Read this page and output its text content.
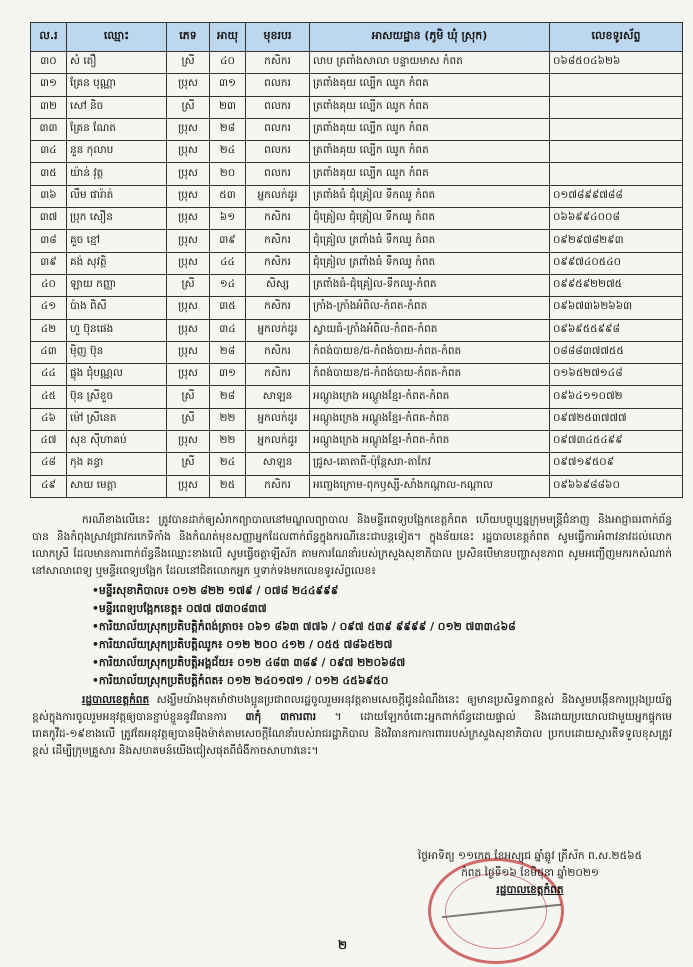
ល.រ	ឈ្មោះ	ភេទ	អាយុ	មុខរបរ	អាសយដ្ឋាន (ភូមិ ឃុំ ស្រុក)	លេខទូរស័ព្ទ
៣០	សំ តឿ	ស្រី	៤០	កសិករ	លាប ត្រពាំងសាលា បន្ទាយមាស កំពត	០៦៨៥០៤៦២៦
៣១	គ្រែន បុណ្ណា	ប្រុស	៣១	ពលករ	ត្រពាំងគុយ ល្បើក ឈូក កំពត	
៣២	សៅ និច	ស្រី	២៣	ពលករ	ត្រពាំងគុយ ល្បើក ឈូក កំពត	
៣៣	គ្រែន ណែត	ប្រុស	២៨	ពលករ	ត្រពាំងគុយ ល្បើក ឈូក កំពត	
៣៤	នួន កុលាប	ប្រុស	២៤	ពលករ	ត្រពាំងគុយ ល្បើក ឈូក កំពត	
៣៥	យ៉ាន់ វុត្ថ	ប្រុស	២០	ពលករ	ត្រពាំងគុយ ល្បើក ឈូក កំពត	
៣៦	លឹម ផារ៉ាត់	ប្រុស	៥៣	អ្នកលក់ដូរ	ត្រពាំងធំ ជុំគ្រៀល ទឹកឈូ កំពត	០១៧៨៩៩៧៨៨
៣៧	ប្រុក សឿន	ប្រុស	៦១	កសិករ	ជុំគ្រៀល ជុំគ្រៀល ទឹកឈូ កំពត	០៦៦៩៩៤០០៨
៣៨	គួច ខ្មៅ	ប្រុស	៣៩	កសិករ	ជុំគ្រៀល ត្រពាំងធំ ទឹកឈូ កំពត	០៩២៩៧៨២៩៣
៣៩	គង់ សុវត្ថិ	ប្រុស	៤៤	កសិករ	ជុំគ្រៀល ត្រពាំងធំ ទឹកឈូ កំពត	០៩៩៧៤០៥៤០
៤០	ឡាយ កញ្ញា	ស្រី	១៤	សិស្ស	ត្រពាំងធំ-ជុំគ្រៀល-ទឹកឈូ-កំពត	០៩៩៥៩២២៧៥
៤១	ប៉ាង ពិសី	ប្រុស	៣៥	កសិករ	ក្រាំង-ក្រាំងអំពិល-កំពត-កំពត	០៩៦៧៣៦២៦៦៣
៤២	ហួ ប៊ុនផេង	ប្រុស	៣៤	អ្នកលក់ដូរ	ស្វាយធំ-ក្រាំងអំពិល-កំពត-កំពត	០៩៦៩៥៥៩៩៨
៤៣	ម៉ិញ ប៊ុន	ប្រុស	២៨	កសិករ	កំពង់បាយខ/ជ-កំពង់បាយ-កំពត-កំពត	០៨៨៨៣៧៧៥៥
៤៤	ផ្លុង ជុំបណ្ណល	ប្រុស	៣១	កសិករ	កំពង់បាយខ/ជ-កំពង់បាយ-កំពត-កំពត	០១៦៥២៧១៤៨
៤៥	ប៊ុន ស្រីខួច	ស្រី	២៨	សាឡន	អណ្តូងក្រេង អណ្តូងខ្មែរ-កំពត-កំពត	០៩៦៤១១០៧២
៤៦	ម៉ៅ ស្រីនេត	ស្រី	២២	អ្នកលក់ដូរ	អណ្តូងក្រេង អណ្តូងខ្មែរ-កំពត-កំពត	០៩៧២៥៣៧៧៧
៤៧	សុខ ស៊ីហាគប់	ប្រុស	២២	អ្នកលក់ដូរ	អណ្តូងក្រេង អណ្តូងខ្មែរ-កំពត-កំពត	០៩៧៣៤៥៤៩៩
៤៨	កុង គន្ធា	ស្រី	២៤	សាឡន	ជ្រូស-គោតាពី-ប៉ុន្តែសរា-តាកែវ	០៩៧១៩៥០៩
៤៩	សាយ មេត្តា	ប្រុស	២៥	កសិករ	អញ្ជេងក្រោម-ពុកឫស្សី-សាំងកណ្តាល-កណ្តាល	០៩៦៦៩៨៨៦០

ករណីខាងលើនេះ ត្រូវបានដាក់ឲ្យសំរាកព្យាបាលនៅមណ្ឌលព្យាបាល និងមន្ទីរពេទ្យបង្អែកខេត្តកំពត ហើយបច្ចុប្បន្នក្រុមមន្ត្រីជំនាញ និងអាជ្ញាធរពាក់ព័ន្ធ បាន និងកំពុងស្រាវជ្រាវករកេទិកាំង និងកំណត់មុខសញ្ញាអ្នកដែលពាក់ព័ន្ធក្នុងករណីនេះជាបន្តទៀត។ ក្នុងន័យនេះ រដ្ឋបាលខេត្តកំពត សូមធ្វើការអំពាវនាវដល់លោក លោកស្រី ដែលមានការពាក់ព័ន្ធនឹងឈ្មោះខាងលើ សូមធ្វើចត្តាឡីស័ក តាមការណែនាំរបស់ក្រសួងសុខាភិបាល ប្រសិនបើមានបញ្ហាសុខភាព សូមអញ្ជើញមករកសំណាក់នៅសាលាពេទ្យ ឬមន្ទីរពេទ្យបង្អែក ដែលនៅជិតលោកអ្នក ឬទាក់ទងមកលេខទូរស័ព្ទលេខ៖

•មន្ទីរសុខាភិបាល៖ ០១២ ៨២២ ១៧៩ / ០៧៨ ២៤៤៩៩៩
•មន្ទីរពេទ្យបង្អែកខេត្ត៖ ០៧៧ ៧៣០៨៣៧
•ការិយាល័យស្រុកប្រតិបត្តិកំពង់ត្រាច៖ ០៦១ ៨៦៣ ៧៧៦ / ០៩៧ ៥៣៩ ៩៩៩៩ / ០១២ ៧៣៣៤៦៨
•ការិយាល័យស្រុកប្រតិបត្តិឈូក៖ ០១២ ២០០ ៤១២ / ០៥៥ ៧៨៦៥២៧
•ការិយាល័យស្រុកប្រតិបត្តិអង្គជ័យ៖ ០១២ ៤៨៣ ៣៨៩ / ០៩៧ ២២០៦៨៧
•ការិយាល័យស្រុកប្រតិបត្តិកំពត៖ ០១២ ២៤០១៧១ / ០១២ ៤៥៦៩៥០

រដ្ឋបាលខេត្តកំពត សង្ឃឹមយ៉ាងមុតមាំថាបងប្អូនប្រជាពលរដ្ឋចូលរួមអនុវត្តតាមសេចក្តីជូនដំណឹងនេះ ឲ្យមានប្រសិទ្ធភាពខ្ពស់ និងសូមបង្កើនការប្រុងប្រយ័ត្នខ្ពស់ក្នុងការចូលរួមអនុវត្តឲ្យបានខ្ជាប់ខ្ជួននូវវិធានការ ៣កុំ ៣ការពារ ។ ដោយឡែកចំពោះអ្នកពាក់ព័ន្ធដោយផ្ទាល់ និងដោយប្រយោលជាមួយអ្នកផ្ទុកមេរោគកូវីដ-១៩ខាងលើ ត្រូវតែអនុវត្តឲ្យបានម៉ឺងម៉ាត់តាមសេចក្តីណែនាំរបស់រាជរដ្ឋាភិបាល និងវិធានការការពាររបស់ក្រសួងសុខាភិបាល ប្រកបដោយស្មារតីទទួលខុសត្រូវខ្ពស់ ដើម្បីក្រុមគ្រួសារ និងសហគមន៍យើងជៀសផុតពីជំងឺកាចសាហាវនេះ។

ថ្ងៃអាទិត្យ ១១កេត ខែអស្សុជ ឆ្នាំឆ្លូវ ត្រីស័ក ព.ស.២៥៦៥
កំពត ថ្ងៃទី១៦ ខែមិថុនា ឆ្នាំ២០២១
រដ្ឋបាលខេត្តកំពត
២
